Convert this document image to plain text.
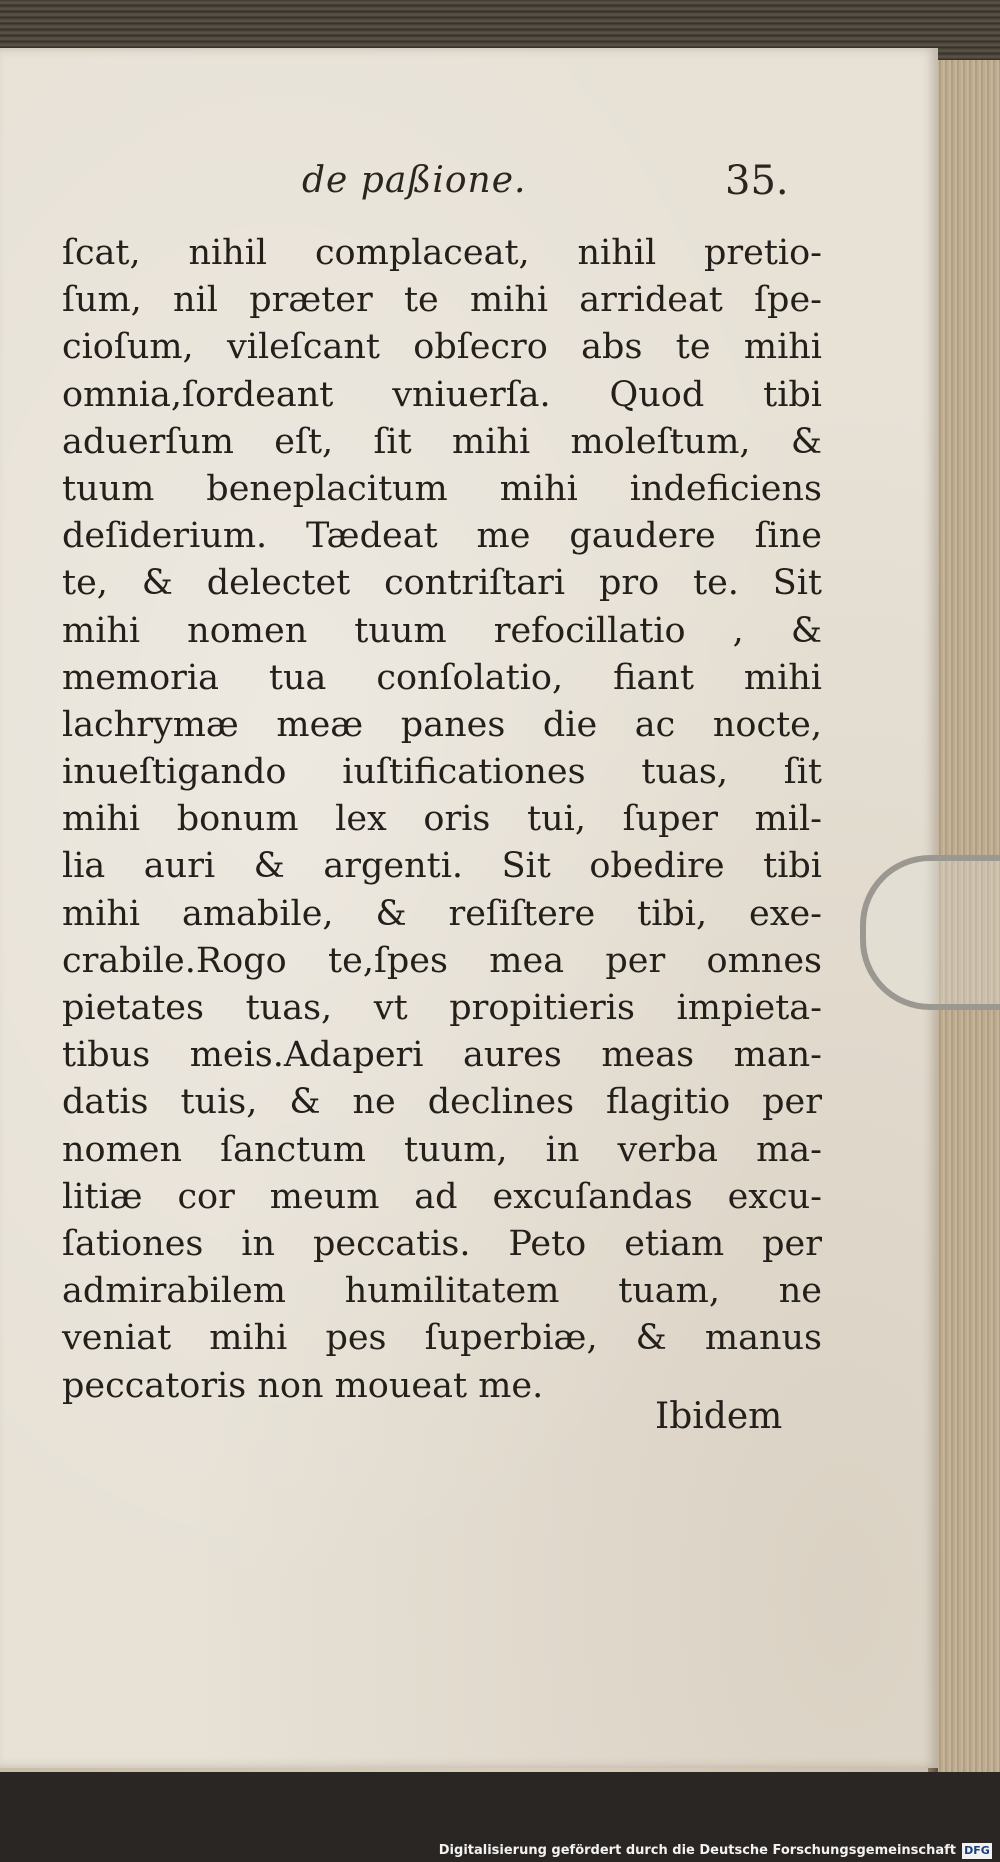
de paßione.	35.
ſcat, nihil complaceat, nihil pretio-
ſum, nil præter te mihi arrideat ſpe-
cioſum, vileſcant obſecro abs te mihi
omnia,ſordeant vniuerſa. Quod tibi
aduerſum eſt, ſit mihi moleſtum, &
tuum beneplacitum mihi indeficiens
deſiderium. Tædeat me gaudere ſine
te, & delectet contriſtari pro te. Sit
mihi nomen tuum refocillatio , &
memoria tua conſolatio, fiant mihi
lachrymæ meæ panes die ac nocte,
inueſtigando iuſtificationes tuas, ſit
mihi bonum lex oris tui, ſuper mil-
lia auri & argenti. Sit obedire tibi
mihi amabile, & reſiſtere tibi, exe-
crabile.Rogo te,ſpes mea per omnes
pietates tuas, vt propitieris impieta-
tibus meis.Adaperi aures meas man-
datis tuis, & ne declines flagitio per
nomen ſanctum tuum, in verba ma-
litiæ cor meum ad excuſandas excu-
ſationes in peccatis. Peto etiam per
admirabilem humilitatem tuam, ne
veniat mihi pes ſuperbiæ, & manus
peccatoris non moueat me.
Ibidem
Digitalisierung gefördert durch die Deutsche Forschungsgemeinschaft DFG
